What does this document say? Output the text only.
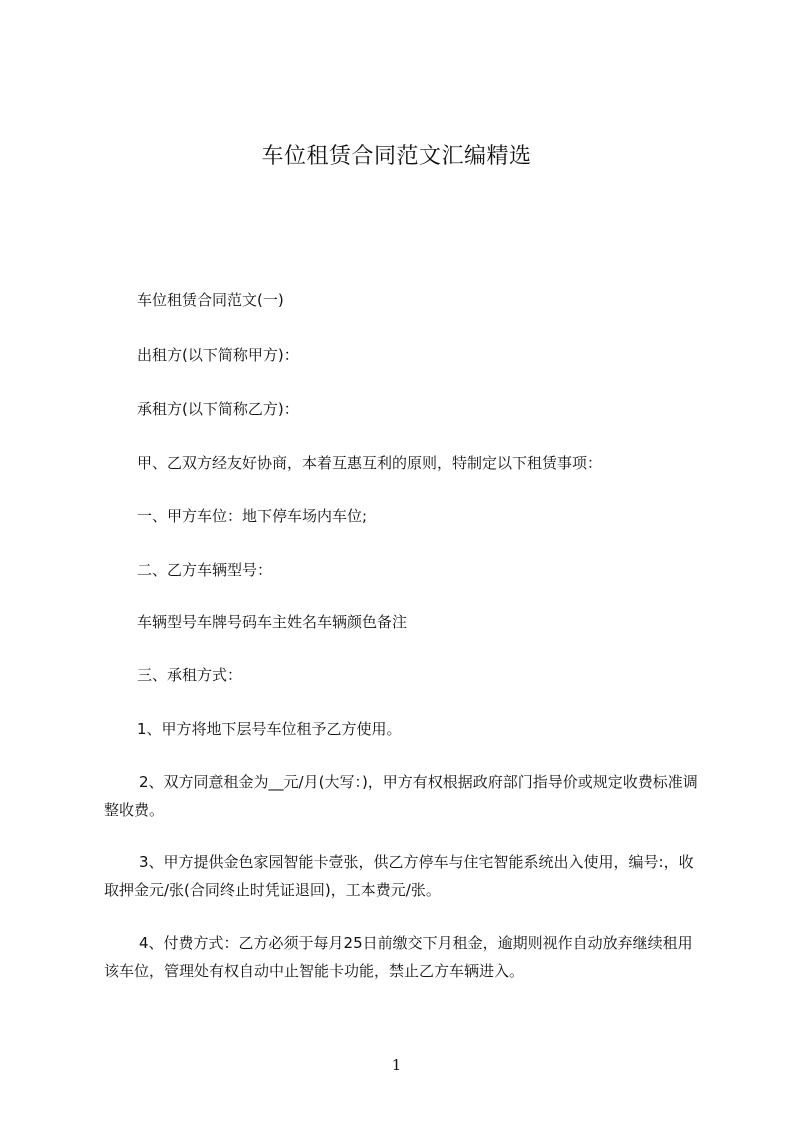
车位租赁合同范文汇编精选
车位租赁合同范文(一)
出租方(以下简称甲方)：
承租方(以下简称乙方)：
甲、乙双方经友好协商，本着互惠互利的原则，特制定以下租赁事项：
一、甲方车位：地下停车场内车位;
二、乙方车辆型号：
车辆型号车牌号码车主姓名车辆颜色备注
三、承租方式：
1、甲方将地下层号车位租予乙方使用。
2、双方同意租金为__元/月(大写：)，甲方有权根据政府部门指导价或规定收费标准调整收费。
3、甲方提供金色家园智能卡壹张，供乙方停车与住宅智能系统出入使用，编号:，收取押金元/张(合同终止时凭证退回)，工本费元/张。
4、付费方式：乙方必须于每月25日前缴交下月租金，逾期则视作自动放弃继续租用该车位，管理处有权自动中止智能卡功能，禁止乙方车辆进入。
1
